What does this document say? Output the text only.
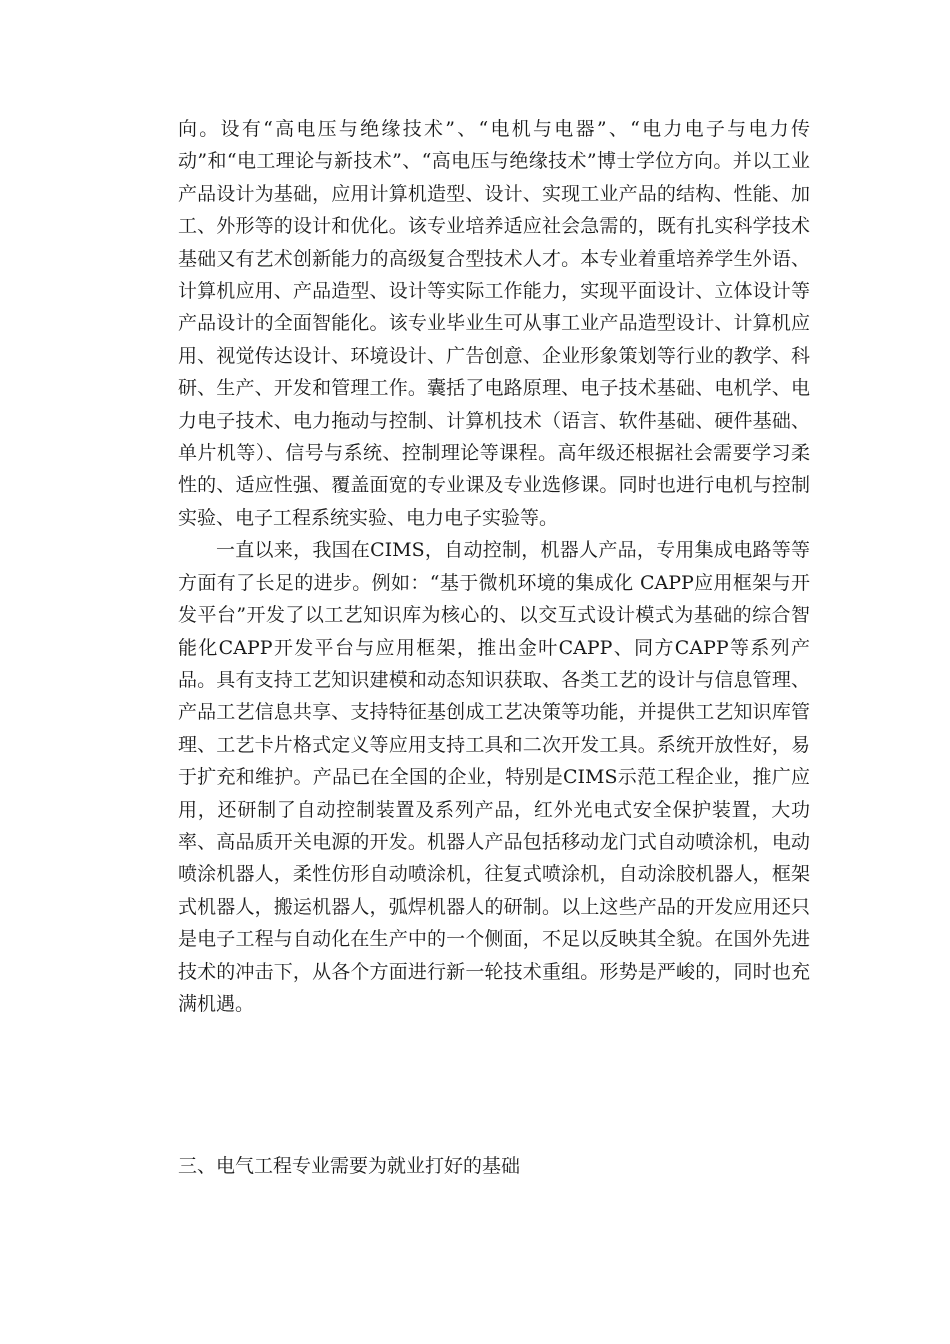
向。设有“高电压与绝缘技术”、“电机与电器”、“电力电子与电力传动”和“电工理论与新技术”、“高电压与绝缘技术”博士学位方向。并以工业产品设计为基础，应用计算机造型、设计、实现工业产品的结构、性能、加工、外形等的设计和优化。该专业培养适应社会急需的，既有扎实科学技术基础又有艺术创新能力的高级复合型技术人才。本专业着重培养学生外语、计算机应用、产品造型、设计等实际工作能力，实现平面设计、立体设计等产品设计的全面智能化。该专业毕业生可从事工业产品造型设计、计算机应用、视觉传达设计、环境设计、广告创意、企业形象策划等行业的教学、科研、生产、开发和管理工作。囊括了电路原理、电子技术基础、电机学、电力电子技术、电力拖动与控制、计算机技术（语言、软件基础、硬件基础、单片机等）、信号与系统、控制理论等课程。高年级还根据社会需要学习柔性的、适应性强、覆盖面宽的专业课及专业选修课。同时也进行电机与控制实验、电子工程系统实验、电力电子实验等。

一直以来，我国在CIMS，自动控制，机器人产品，专用集成电路等等方面有了长足的进步。例如：“基于微机环境的集成化 CAPP应用框架与开发平台”开发了以工艺知识库为核心的、以交互式设计模式为基础的综合智能化CAPP开发平台与应用框架，推出金叶CAPP、同方CAPP等系列产品。具有支持工艺知识建模和动态知识获取、各类工艺的设计与信息管理、产品工艺信息共享、支持特征基创成工艺决策等功能，并提供工艺知识库管理、工艺卡片格式定义等应用支持工具和二次开发工具。系统开放性好，易于扩充和维护。产品已在全国的企业，特别是CIMS示范工程企业，推广应用，还研制了自动控制装置及系列产品，红外光电式安全保护装置，大功率、高品质开关电源的开发。机器人产品包括移动龙门式自动喷涂机，电动喷涂机器人，柔性仿形自动喷涂机，往复式喷涂机，自动涂胶机器人，框架式机器人，搬运机器人，弧焊机器人的研制。以上这些产品的开发应用还只是电子工程与自动化在生产中的一个侧面，不足以反映其全貌。在国外先进技术的冲击下，从各个方面进行新一轮技术重组。形势是严峻的，同时也充满机遇。

三、电气工程专业需要为就业打好的基础
